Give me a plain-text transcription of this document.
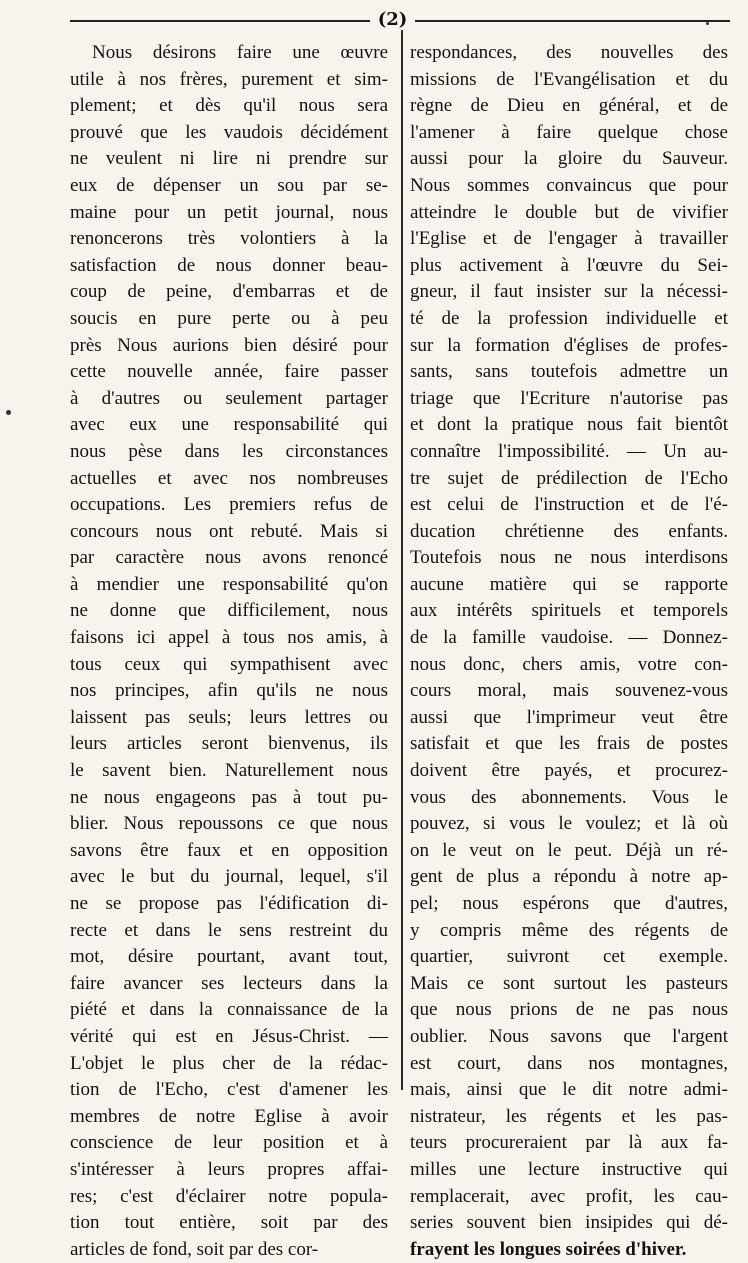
(2)
Nous désirons faire une œuvre
utile à nos frères, purement et sim-
plement; et dès qu'il nous sera
prouvé que les vaudois décidément
ne veulent ni lire ni prendre sur
eux de dépenser un sou par se-
maine pour un petit journal, nous
renoncerons très volontiers à la
satisfaction de nous donner beau-
coup de peine, d'embarras et de
soucis en pure perte ou à peu
près Nous aurions bien désiré pour
cette nouvelle année, faire passer
à d'autres ou seulement partager
avec eux une responsabilité qui
nous pèse dans les circonstances
actuelles et avec nos nombreuses
occupations. Les premiers refus de
concours nous ont rebuté. Mais si
par caractère nous avons renoncé
à mendier une responsabilité qu'on
ne donne que difficilement, nous
faisons ici appel à tous nos amis, à
tous ceux qui sympathisent avec
nos principes, afin qu'ils ne nous
laissent pas seuls; leurs lettres ou
leurs articles seront bienvenus, ils
le savent bien. Naturellement nous
ne nous engageons pas à tout pu-
blier. Nous repoussons ce que nous
savons être faux et en opposition
avec le but du journal, lequel, s'il
ne se propose pas l'édification di-
recte et dans le sens restreint du
mot, désire pourtant, avant tout,
faire avancer ses lecteurs dans la
piété et dans la connaissance de la
vérité qui est en Jésus-Christ. —
L'objet le plus cher de la rédac-
tion de l'Echo, c'est d'amener les
membres de notre Eglise à avoir
conscience de leur position et à
s'intéresser à leurs propres affai-
res; c'est d'éclairer notre popula-
tion tout entière, soit par des
articles de fond, soit par des cor-
respondances, des nouvelles des
missions de l'Evangélisation et du
règne de Dieu en général, et de
l'amener à faire quelque chose
aussi pour la gloire du Sauveur.
Nous sommes convaincus que pour
atteindre le double but de vivifier
l'Eglise et de l'engager à travailler
plus activement à l'œuvre du Sei-
gneur, il faut insister sur la nécessi-
té de la profession individuelle et
sur la formation d'églises de profes-
sants, sans toutefois admettre un
triage que l'Ecriture n'autorise pas
et dont la pratique nous fait bientôt
connaître l'impossibilité. — Un au-
tre sujet de prédilection de l'Echo
est celui de l'instruction et de l'é-
ducation chrétienne des enfants.
Toutefois nous ne nous interdisons
aucune matière qui se rapporte
aux intérêts spirituels et temporels
de la famille vaudoise. — Donnez-
nous donc, chers amis, votre con-
cours moral, mais souvenez-vous
aussi que l'imprimeur veut être
satisfait et que les frais de postes
doivent être payés, et procurez-
vous des abonnements. Vous le
pouvez, si vous le voulez; et là où
on le veut on le peut. Déjà un ré-
gent de plus a répondu à notre ap-
pel; nous espérons que d'autres,
y compris même des régents de
quartier, suivront cet exemple.
Mais ce sont surtout les pasteurs
que nous prions de ne pas nous
oublier. Nous savons que l'argent
est court, dans nos montagnes,
mais, ainsi que le dit notre admi-
nistrateur, les régents et les pas-
teurs procureraient par là aux fa-
milles une lecture instructive qui
remplacerait, avec profit, les cau-
series souvent bien insipides qui dé-
frayent les longues soirées d'hiver.
